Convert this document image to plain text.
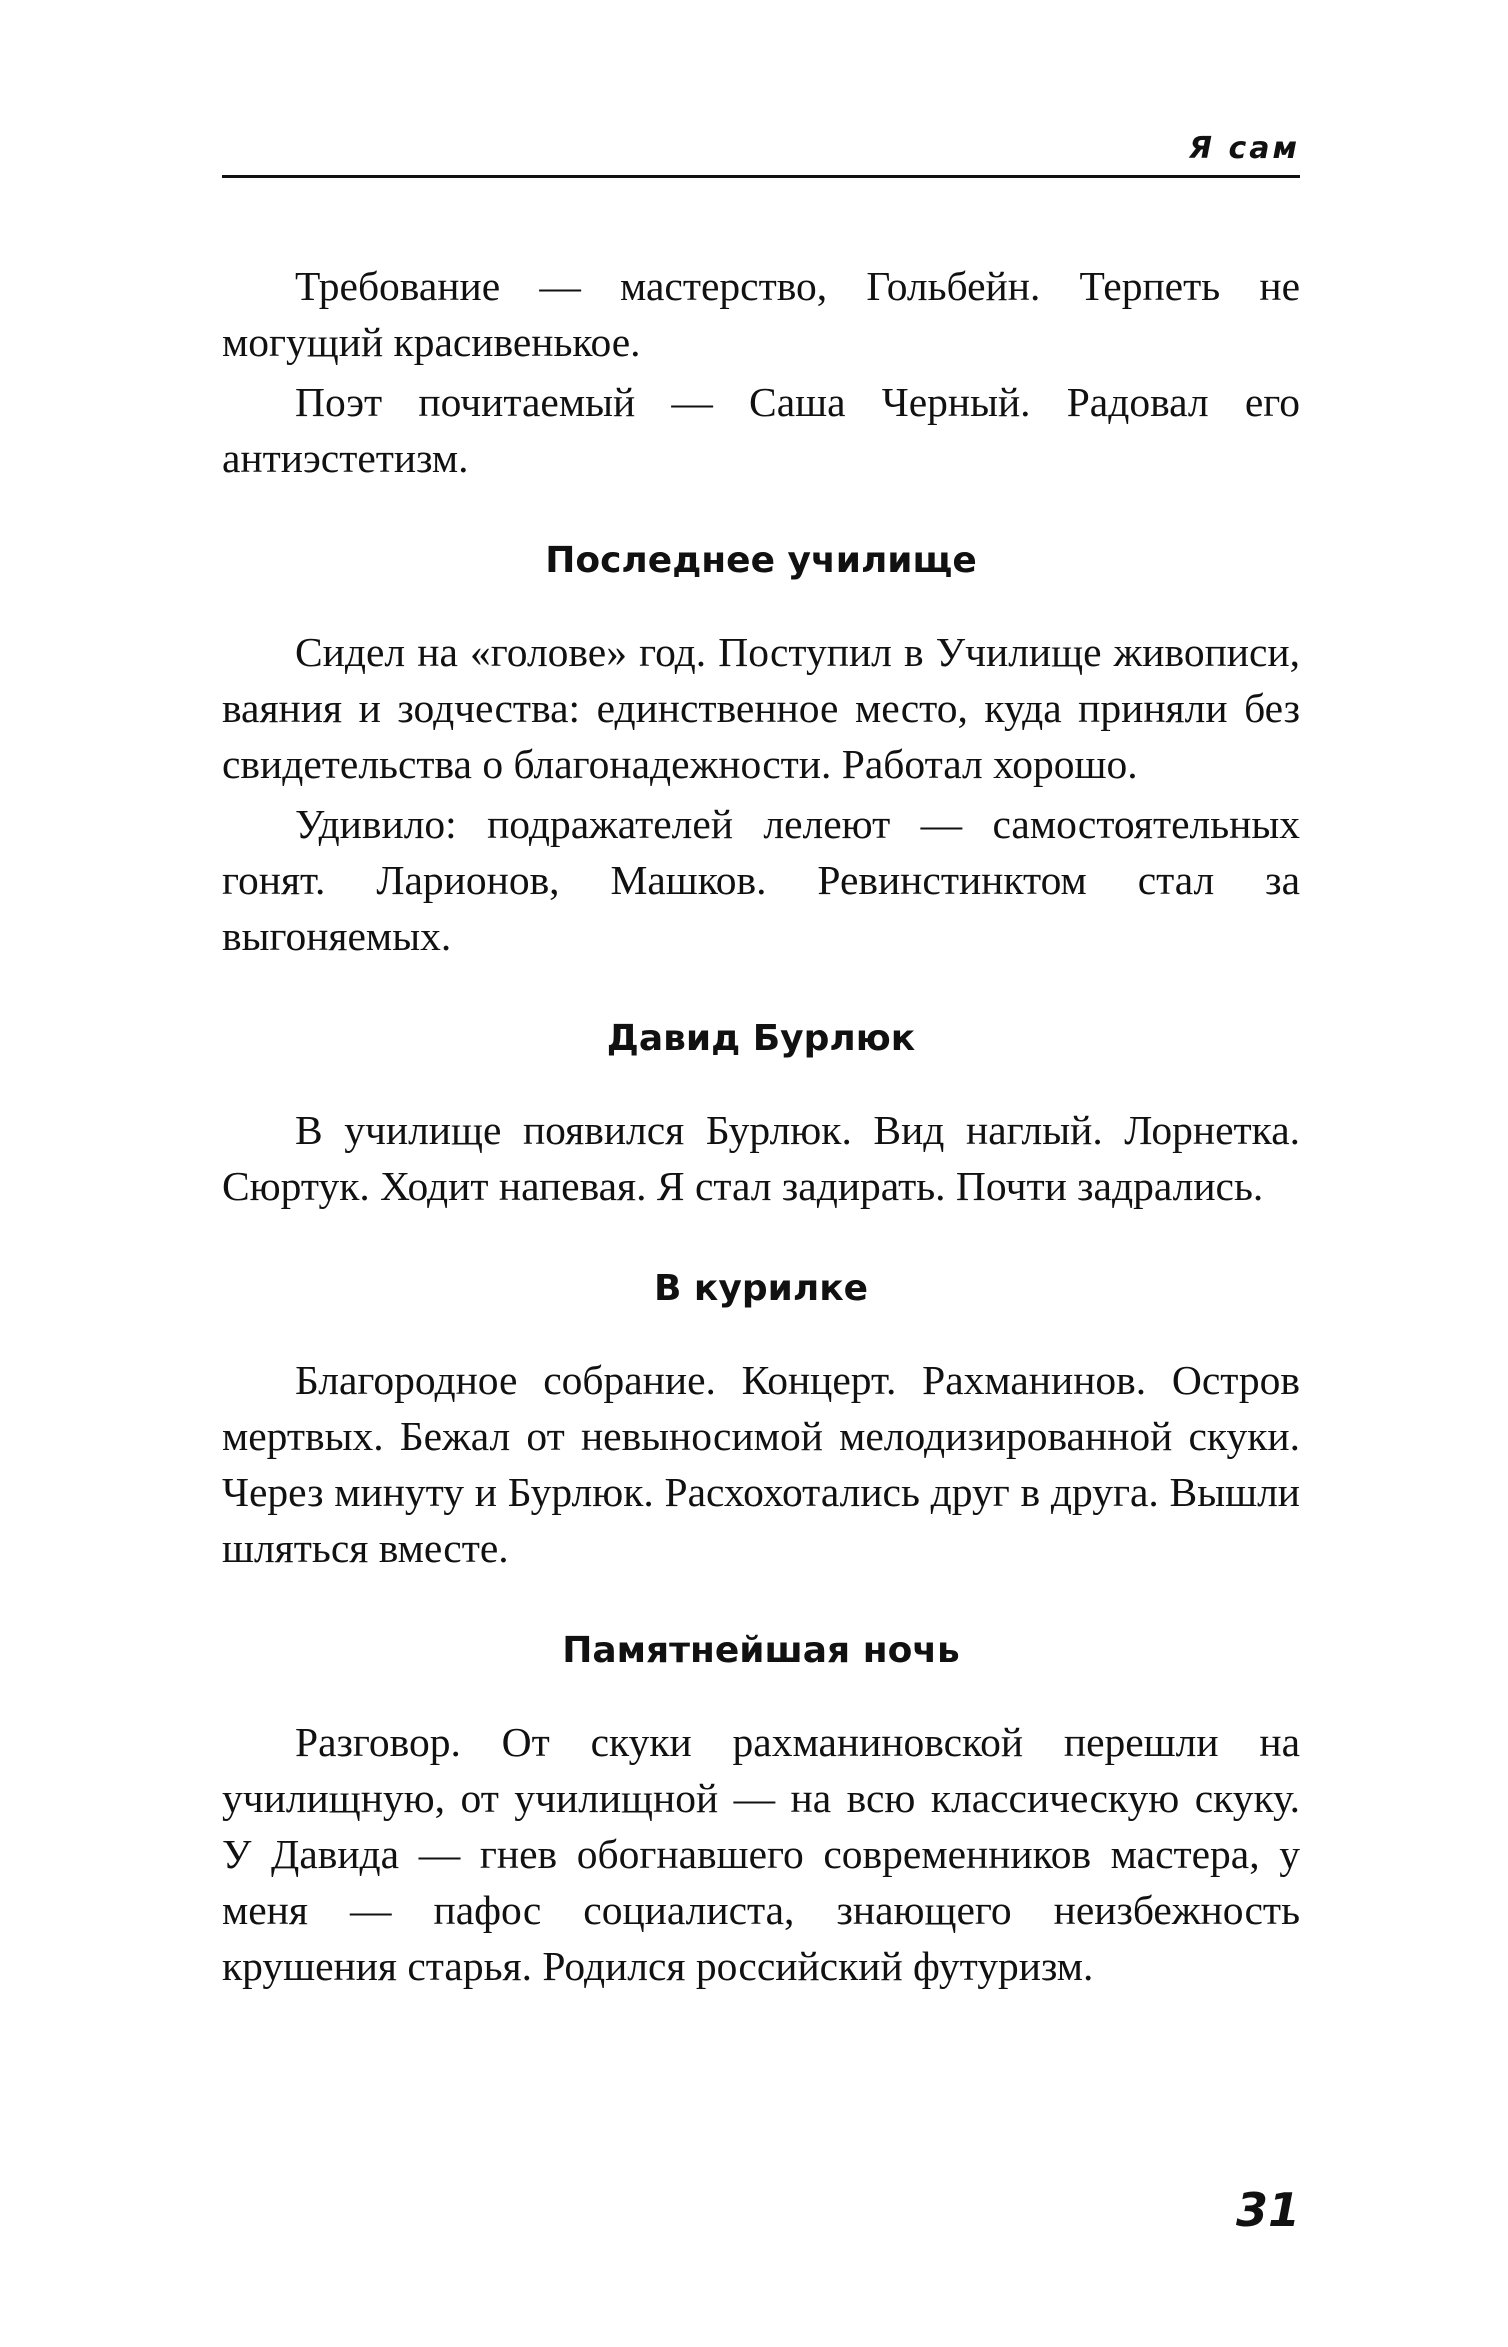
Я сам

Требование — мастерство, Гольбейн. Терпеть не могущий красивенькое.

Поэт почитаемый — Саша Черный. Радовал его антиэстетизм.

Последнее училище

Сидел на «голове» год. Поступил в Училище живописи, ваяния и зодчества: единственное место, куда приняли без свидетельства о благонадежности. Работал хорошо.

Удивило: подражателей лелеют — самостоятельных гонят. Ларионов, Машков. Ревинстинктом стал за выгоняемых.

Давид Бурлюк

В училище появился Бурлюк. Вид наглый. Лорнетка. Сюртук. Ходит напевая. Я стал задирать. Почти задрались.

В курилке

Благородное собрание. Концерт. Рахманинов. Остров мертвых. Бежал от невыносимой мелодизированной скуки. Через минуту и Бурлюк. Расхохотались друг в друга. Вышли шляться вместе.

Памятнейшая ночь

Разговор. От скуки рахманиновской перешли на училищную, от училищной — на всю классическую скуку. У Давида — гнев обогнавшего современников мастера, у меня — пафос социалиста, знающего неизбежность крушения старья. Родился российский футуризм.

31
